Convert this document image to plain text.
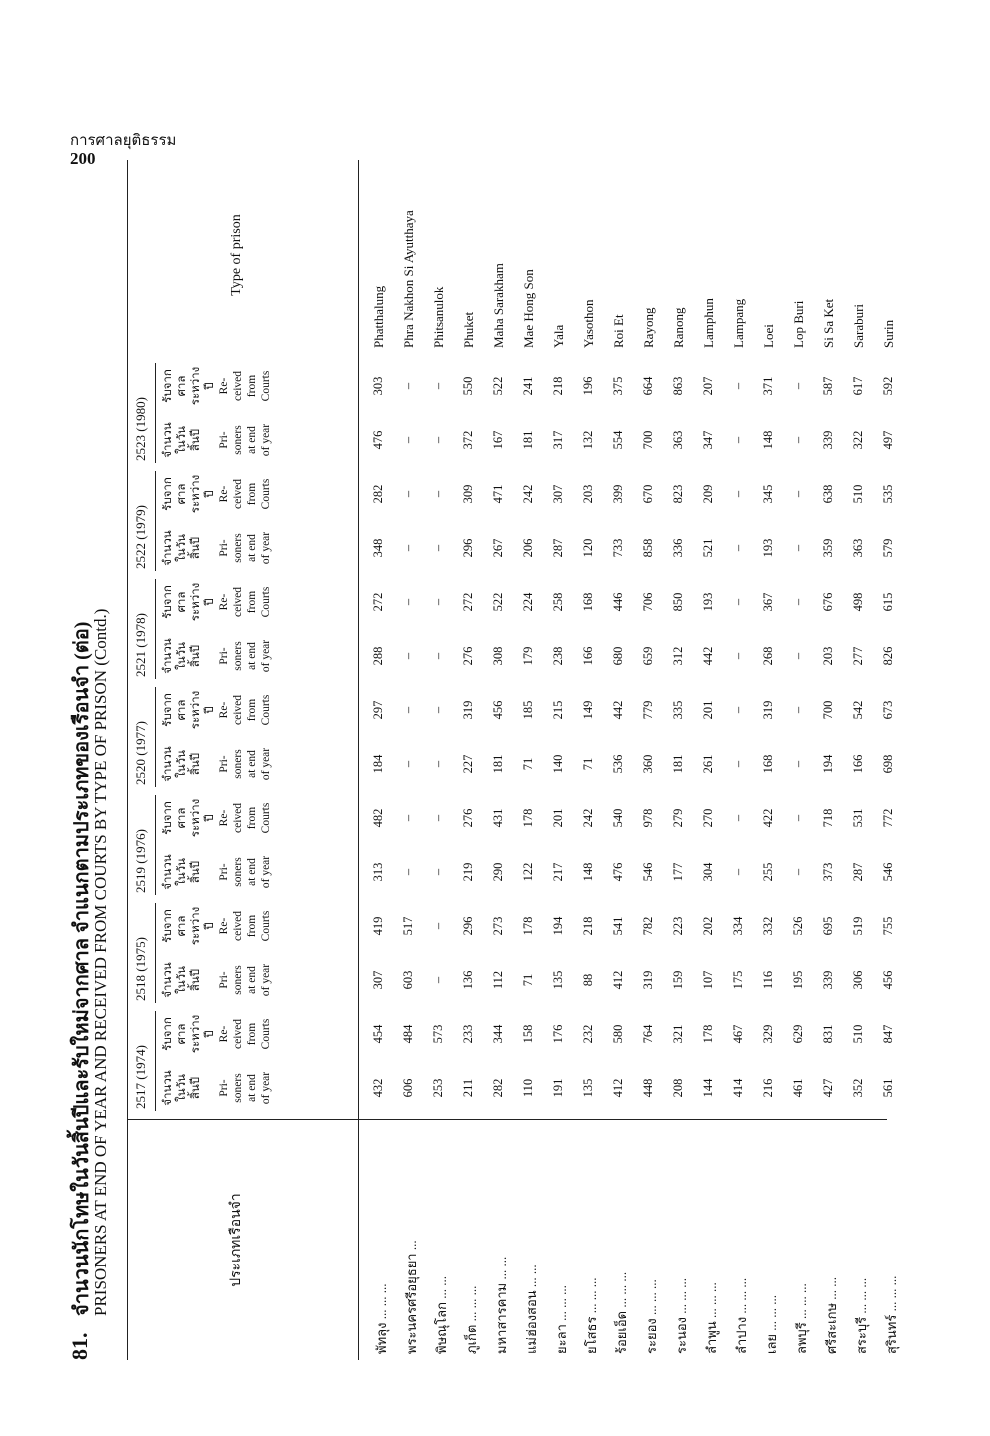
การศาลยุติธรรม
200
81.
จำนวนนักโทษในวันสิ้นปีและรับใหม่จากศาล จำแนกตามประเภทของเรือนจำ (ต่อ)
PRISONERS AT END OF YEAR AND RECEIVED FROM COURTS BY TYPE OF PRISON (Contd.)	ประเภทเรือนจำ
Type of prison
2517 (1974) จำนวน ในวัน สิ้นปี Pri- soners at end of year
รับจาก ศาล ระหว่าง ปี Re- ceived from Courts
2518 (1975) จำนวน ในวัน สิ้นปี Pri- soners at end of year
รับจาก ศาล ระหว่าง ปี Re- ceived from Courts
2519 (1976) จำนวน ในวัน สิ้นปี Pri- soners at end of year
รับจาก ศาล ระหว่าง ปี Re- ceived from Courts
2520 (1977) จำนวน ในวัน สิ้นปี Pri- soners at end of year
รับจาก ศาล ระหว่าง ปี Re- ceived from Courts
2521 (1978) จำนวน ในวัน สิ้นปี Pri- soners at end of year
รับจาก ศาล ระหว่าง ปี Re- ceived from Courts
2522 (1979) จำนวน ในวัน สิ้นปี Pri- soners at end of year
รับจาก ศาล ระหว่าง ปี Re- ceived from Courts
2523 (1980) จำนวน ในวัน สิ้นปี Pri- soners at end of year
รับจาก ศาล ระหว่าง ปี Re- ceived from Courts
พัทลุง ... ... ...
432
454
307
419
313
482
184
297
288
272
348
282
476
303
Phatthalung
พระนครศรีอยุธยา ...
606
484
603
517
–
–
–
–
–
–
–
–
–
–
Phra Nakhon Si Ayutthaya
พิษณุโลก ... ...
253
573
–
–
–
–
–
–
–
–
–
–
–
–
Phitsanulok
ภูเก็ต ... ... ...
211
233
136
296
219
276
227
319
276
272
296
309
372
550
Phuket
มหาสารคาม ... ...
282
344
112
273
290
431
181
456
308
522
267
471
167
522
Maha Sarakham
แม่ฮ่องสอน ... ...
110
158
71
178
122
178
71
185
179
224
206
242
181
241
Mae Hong Son
ยะลา ... ... ...
191
176
135
194
217
201
140
215
238
258
287
307
317
218
Yala
ยโสธร ... ... ...
135
232
88
218
148
242
71
149
166
168
120
203
132
196
Yasothon
ร้อยเอ็ด ... ... ...
412
580
412
541
476
540
536
442
680
446
733
399
554
375
Roi Et
ระยอง ... ... ...
448
764
319
782
546
978
360
779
659
706
858
670
700
664
Rayong
ระนอง ... ... ...
208
321
159
223
177
279
181
335
312
850
336
823
363
863
Ranong
ลำพูน ... ... ...
144
178
107
202
304
270
261
201
442
193
521
209
347
207
Lamphun
ลำปาง ... ... ...
414
467
175
334
–
–
–
–
–
–
–
–
–
–
Lampang
เลย ... ... ...
216
329
116
332
255
422
168
319
268
367
193
345
148
371
Loei
ลพบุรี ... ... ...
461
629
195
526
–
–
–
–
–
–
–
–
–
–
Lop Buri
ศรีสะเกษ ... ...
427
831
339
695
373
718
194
700
203
676
359
638
339
587
Si Sa Ket
สระบุรี ... ... ...
352
510
306
519
287
531
166
542
277
498
363
510
322
617
Saraburi
สุรินทร์ ... ... ...
561
847
456
755
546
772
698
673
826
615
579
535
497
592
Surin
